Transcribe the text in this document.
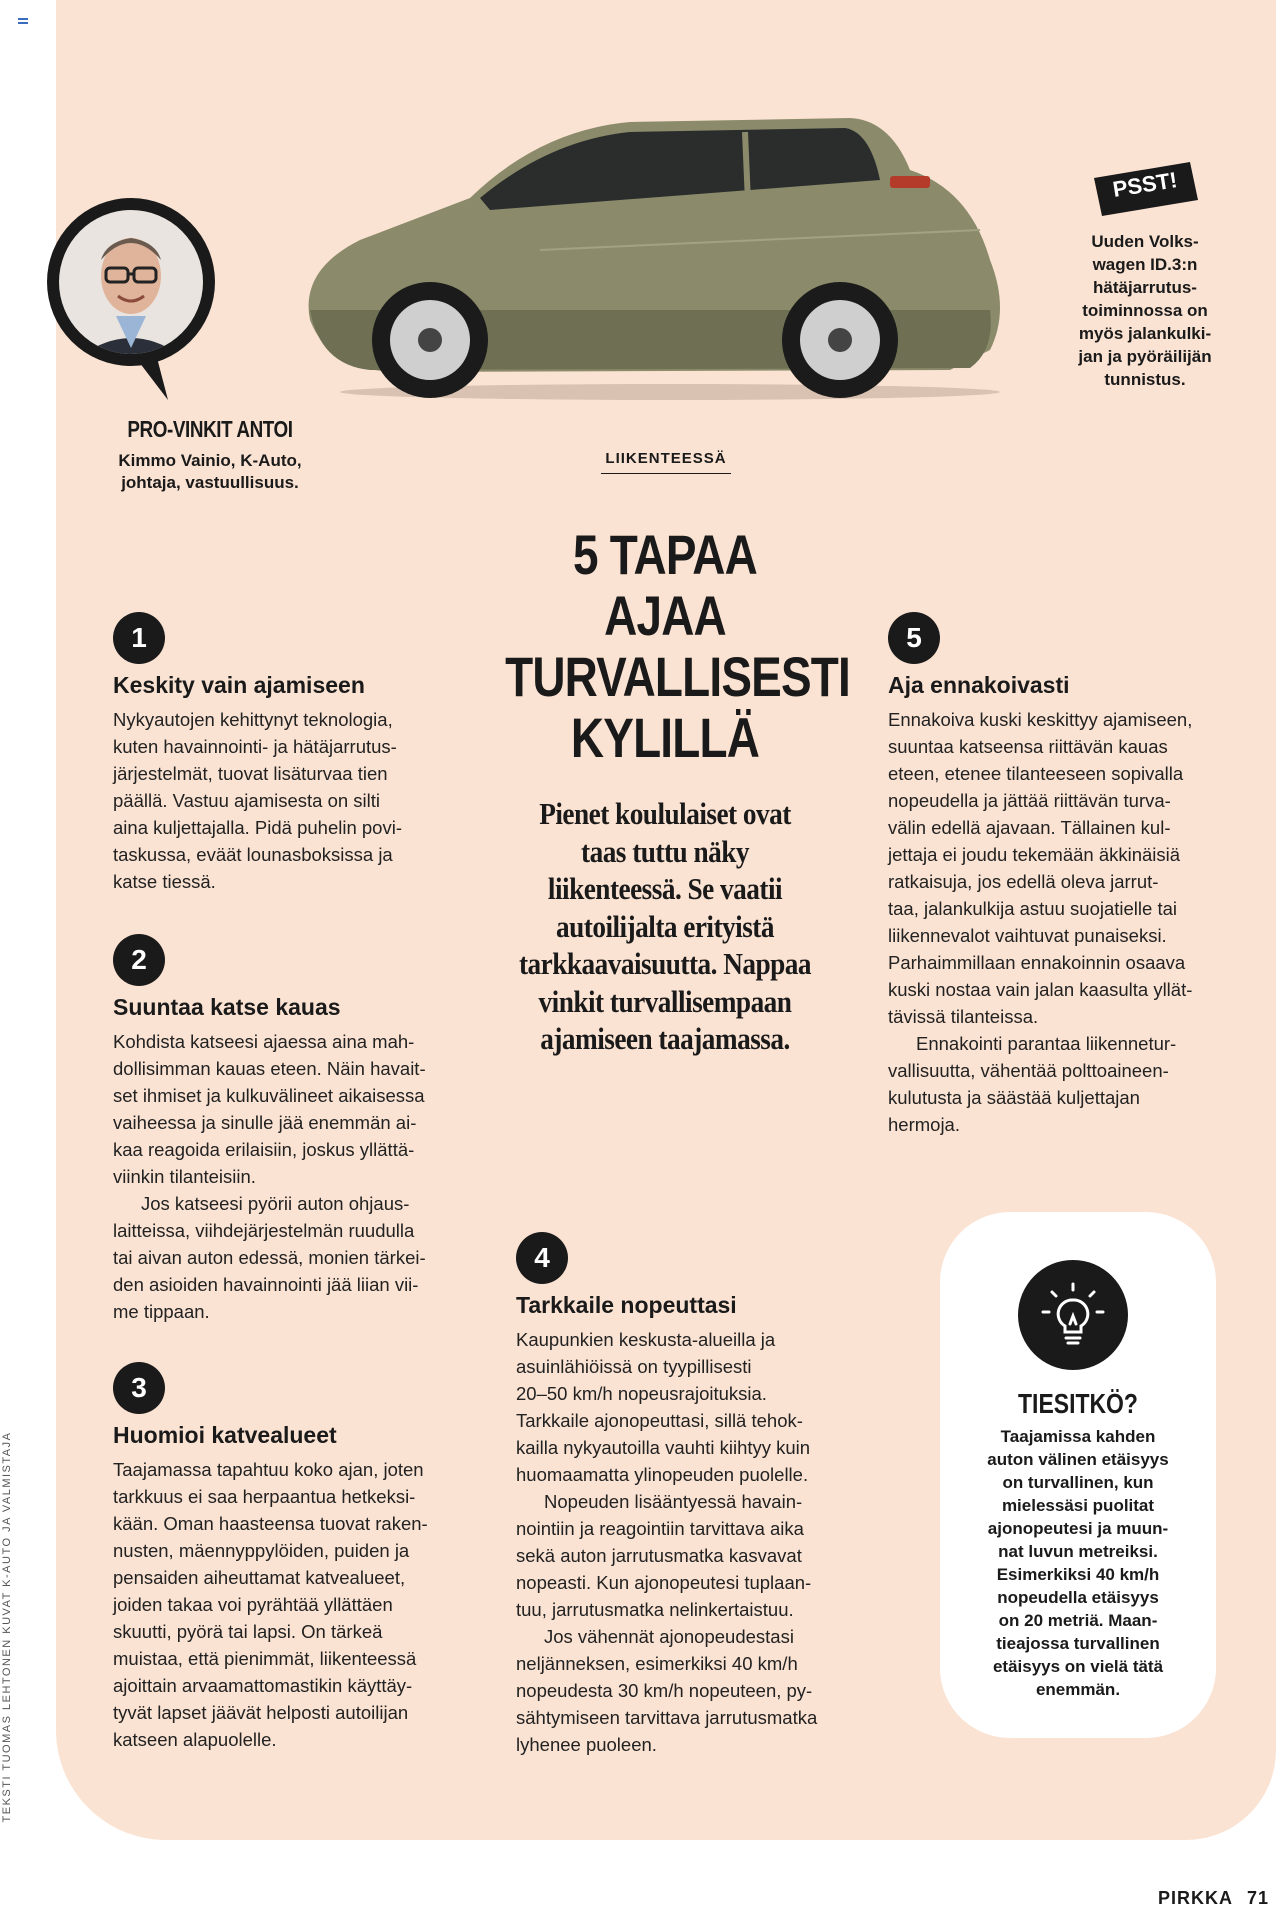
TEKSTI TUOMAS LEHTONEN KUVAT K-AUTO JA VALMISTAJA
PRO-VINKIT ANTOI
Kimmo Vainio, K-Auto,
johtaja, vastuullisuus.
PSST!
Uuden Volks-
wagen ID.3:n
hätäjarrutus-
toiminnossa on
myös jalankulki-
jan ja pyöräilijän
tunnistus.
LIIKENTEESSÄ
5 TAPAA
AJAA
TURVALLISESTI
KYLILLÄ
Pienet koululaiset ovat
taas tuttu näky
liikenteessä. Se vaatii
autoilijalta erityistä
tarkkaavaisuutta. Nappaa
vinkit turvallisempaan
ajamiseen taajamassa.
1
Keskity vain ajamiseen

Nykyautojen kehittynyt teknologia,

kuten havainnointi- ja hätäjarrutus-

järjestelmät, tuovat lisäturvaa tien

päällä. Vastuu ajamisesta on silti

aina kuljettajalla. Pidä puhelin povi-

taskussa, eväät lounasboksissa ja

katse tiessä.

2
Suuntaa katse kauas

Kohdista katseesi ajaessa aina mah-

dollisimman kauas eteen. Näin havait-

set ihmiset ja kulkuvälineet aikaisessa

vaiheessa ja sinulle jää enemmän ai-

kaa reagoida erilaisiin, joskus yllättä-

viinkin tilanteisiin.

Jos katseesi pyörii auton ohjaus-

laitteissa, viihdejärjestelmän ruudulla

tai aivan auton edessä, monien tärkei-

den asioiden havainnointi jää liian vii-

me tippaan.

3
Huomioi katvealueet

Taajamassa tapahtuu koko ajan, joten

tarkkuus ei saa herpaantua hetkeksi-

kään. Oman haasteensa tuovat raken-

nusten, mäennyppylöiden, puiden ja

pensaiden aiheuttamat katvealueet,

joiden takaa voi pyrähtää yllättäen

skuutti, pyörä tai lapsi. On tärkeä

muistaa, että pienimmät, liikenteessä

ajoittain arvaamattomastikin käyttäy-

tyvät lapset jäävät helposti autoilijan

katseen alapuolelle.

4
Tarkkaile nopeuttasi

Kaupunkien keskusta-alueilla ja

asuinlähiöissä on tyypillisesti

20–50 km/h nopeusrajoituksia.

Tarkkaile ajonopeuttasi, sillä tehok-

kailla nykyautoilla vauhti kiihtyy kuin

huomaamatta ylinopeuden puolelle.

Nopeuden lisääntyessä havain-

nointiin ja reagointiin tarvittava aika

sekä auton jarrutusmatka kasvavat

nopeasti. Kun ajonopeutesi tuplaan-

tuu, jarrutusmatka nelinkertaistuu.

Jos vähennät ajonopeudestasi

neljänneksen, esimerkiksi 40 km/h

nopeudesta 30 km/h nopeuteen, py-

sähtymiseen tarvittava jarrutusmatka

lyhenee puoleen.

5
Aja ennakoivasti

Ennakoiva kuski keskittyy ajamiseen,

suuntaa katseensa riittävän kauas

eteen, etenee tilanteeseen sopivalla

nopeudella ja jättää riittävän turva-

välin edellä ajavaan. Tällainen kul-

jettaja ei joudu tekemään äkkinäisiä

ratkaisuja, jos edellä oleva jarrut-

taa, jalankulkija astuu suojatielle tai

liikennevalot vaihtuvat punaiseksi.

Parhaimmillaan ennakoinnin osaava

kuski nostaa vain jalan kaasulta yllät-

tävissä tilanteissa.

Ennakointi parantaa liikennetur-

vallisuutta, vähentää polttoaineen-

kulutusta ja säästää kuljettajan

hermoja.

TIESITKÖ?
Taajamissa kahden
auton välinen etäisyys
on turvallinen, kun
mielessäsi puolitat
ajonopeutesi ja muun-
nat luvun metreiksi.
Esimerkiksi 40 km/h
nopeudella etäisyys
on 20 metriä. Maan-
tieajossa turvallinen
etäisyys on vielä tätä
enemmän.
PIRKKA 71
